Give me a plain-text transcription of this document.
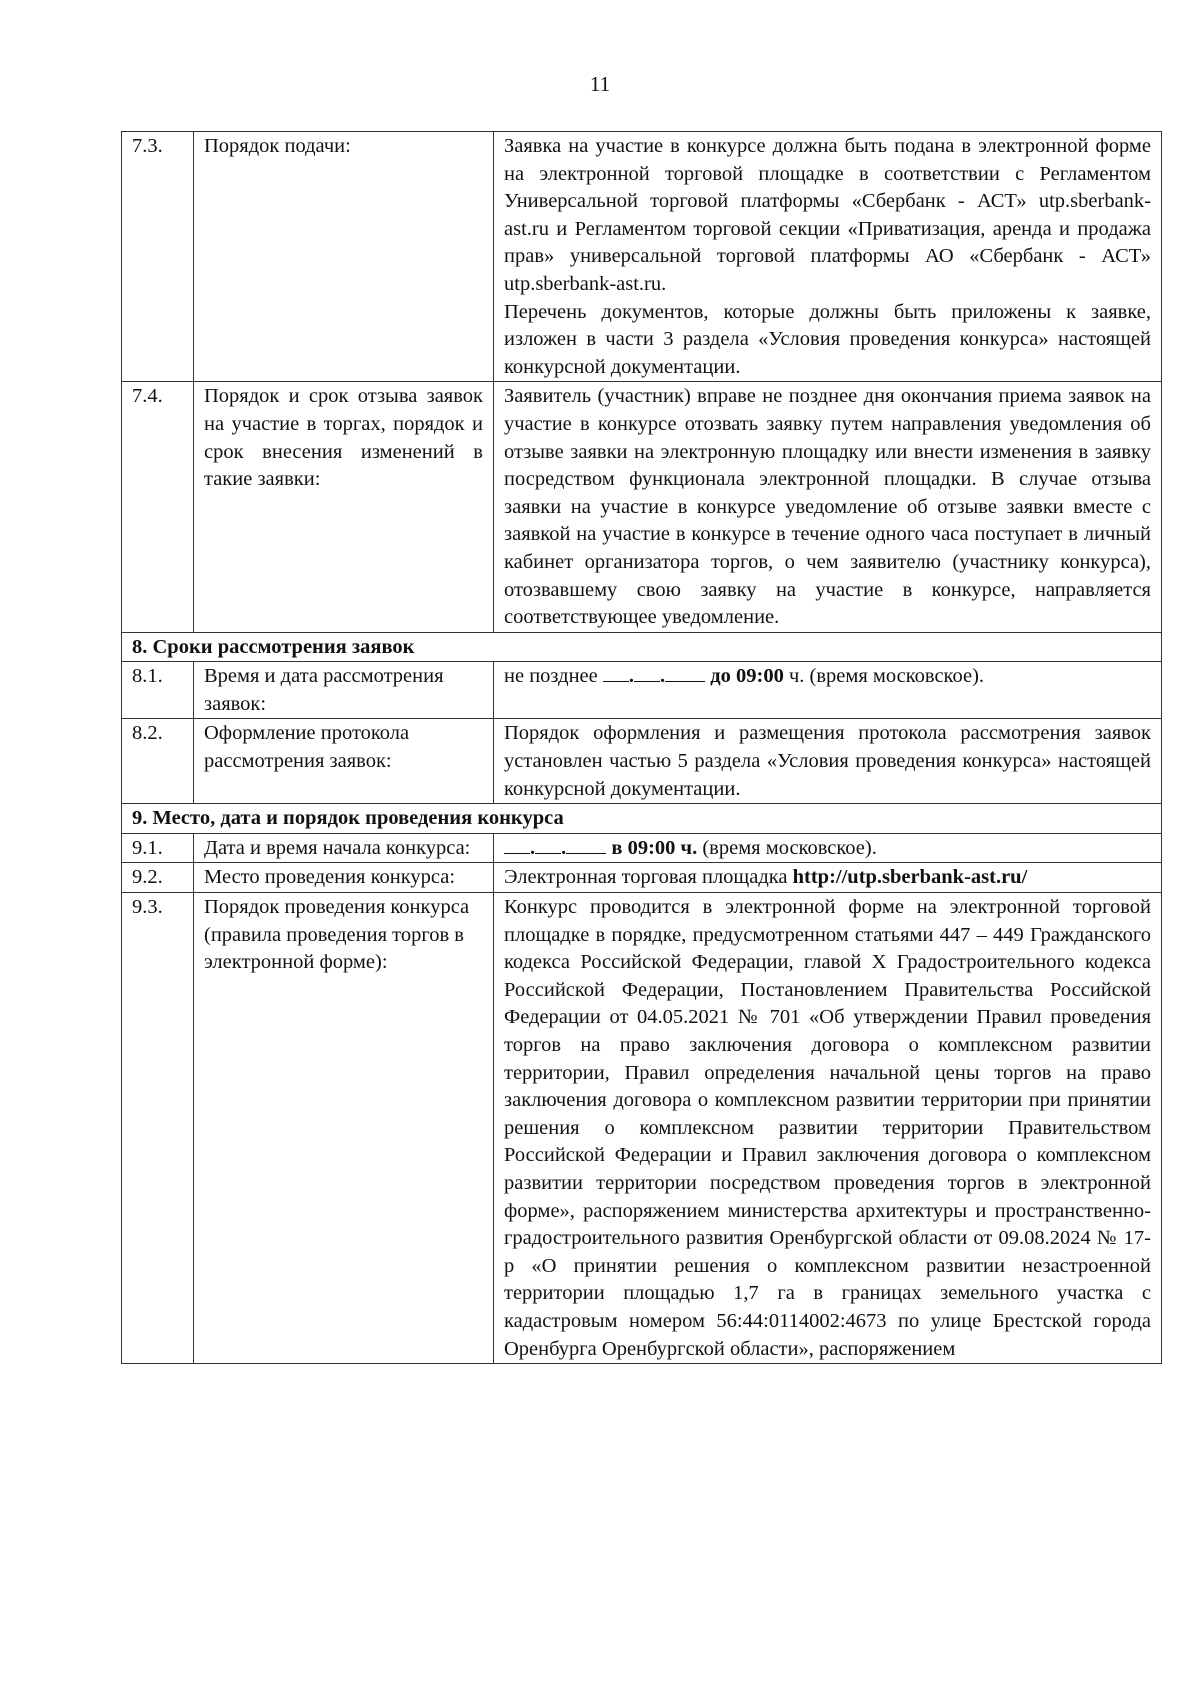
11
7.3.	Порядок подачи:	Заявка на участие в конкурсе должна быть подана в электронной форме на электронной торговой площадке в соответствии с Регламентом Универсальной торговой платформы «Сбербанк - АСТ» utp.sberbank-ast.ru и Регламентом торговой секции «Приватизация, аренда и продажа прав» универсальной торговой платформы АО «Сбербанк - АСТ» utp.sberbank-ast.ru.
Перечень документов, которые должны быть приложены к заявке, изложен в части 3 раздела «Условия проведения конкурса» настоящей конкурсной документации.

7.4.	Порядок и срок отзыва заявок на участие в торгах, порядок и срок внесения изменений в такие заявки:	Заявитель (участник) вправе не позднее дня окончания приема заявок на участие в конкурсе отозвать заявку путем направления уведомления об отзыве заявки на электронную площадку или внести изменения в заявку посредством функционала электронной площадки. В случае отзыва заявки на участие в конкурсе уведомление об отзыве заявки вместе с заявкой на участие в конкурсе в течение одного часа поступает в личный кабинет организатора торгов, о чем заявителю (участнику конкурса), отозвавшему свою заявку на участие в конкурсе, направляется соответствующее уведомление.
8. Сроки рассмотрения заявок		
8.1.	Время и дата рассмотрения заявок:	не позднее . . до 09:00 ч. (время московское).
8.2.	Оформление протокола рассмотрения заявок:	Порядок оформления и размещения протокола рассмотрения заявок установлен частью 5 раздела «Условия проведения конкурса» настоящей конкурсной документации.
9. Место, дата и порядок проведения конкурса		
9.1.	Дата и время начала конкурса:	. . в 09:00 ч. (время московское).
9.2.	Место проведения конкурса:	Электронная торговая площадка http://utp.sberbank-ast.ru/
9.3.	Порядок проведения конкурса (правила проведения торгов в электронной форме):	Конкурс проводится в электронной форме на электронной торговой площадке в порядке, предусмотренном статьями 447 – 449 Гражданского кодекса Российской Федерации, главой X Градостроительного кодекса Российской Федерации, Постановлением Правительства Российской Федерации от 04.05.2021 № 701 «Об утверждении Правил проведения торгов на право заключения договора о комплексном развитии территории, Правил определения начальной цены торгов на право заключения договора о комплексном развитии территории при принятии решения о комплексном развитии территории Правительством Российской Федерации и Правил заключения договора о комплексном развитии территории посредством проведения торгов в электронной форме», распоряжением министерства архитектуры и пространственно-градостроительного развития Оренбургской области от 09.08.2024 № 17-р «О принятии решения о комплексном развитии незастроенной территории площадью 1,7 га в границах земельного участка с кадастровым номером 56:44:0114002:4673 по улице Брестской города Оренбурга Оренбургской области», распоряжением
